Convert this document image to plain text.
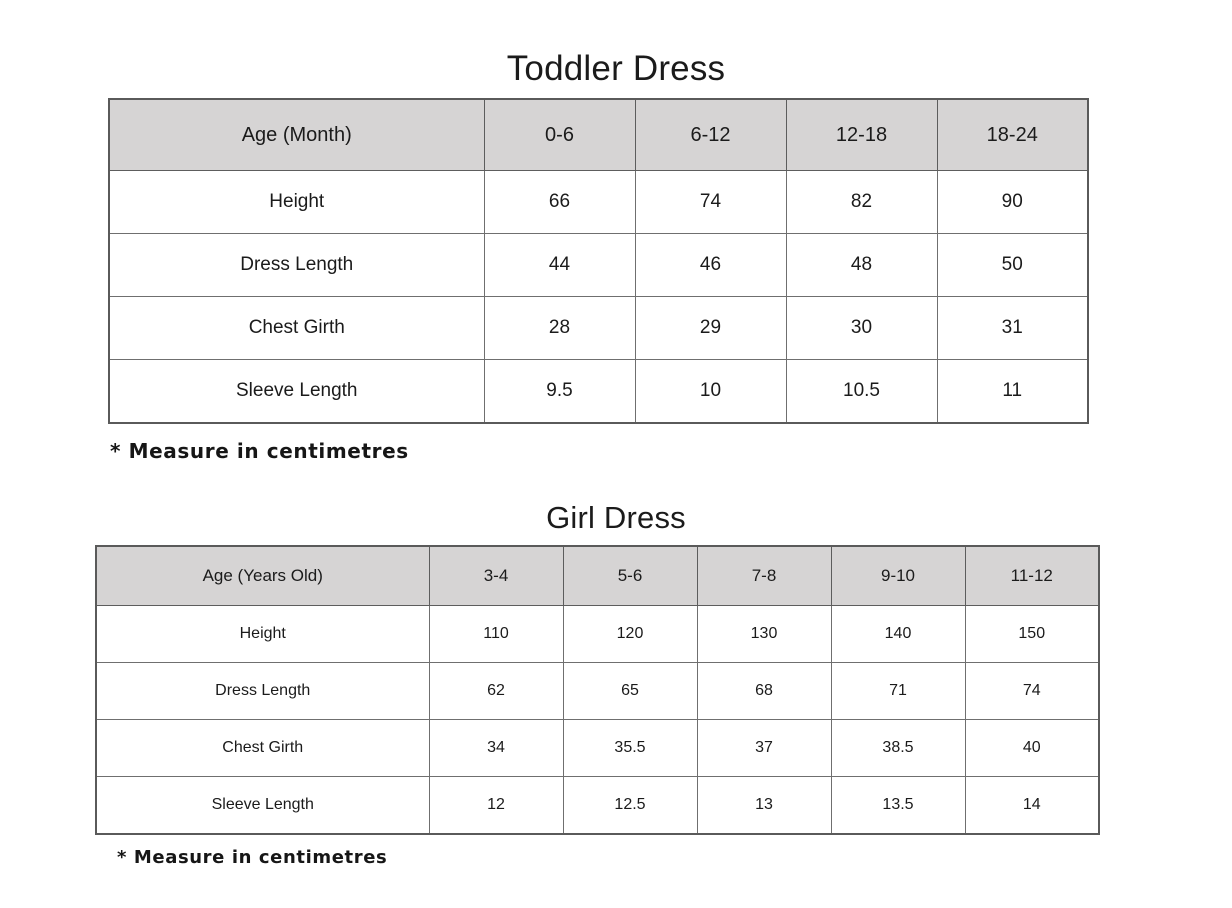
Toddler Dress
Age (Month)	0-6	6-12	12-18	18-24
Height	66	74	82	90
Dress Length	44	46	48	50
Chest Girth	28	29	30	31
Sleeve Length	9.5	10	10.5	11
* Measure in centimetres
Girl Dress
Age (Years Old)	3-4	5-6	7-8	9-10	11-12
Height	110	120	130	140	150
Dress Length	62	65	68	71	74
Chest Girth	34	35.5	37	38.5	40
Sleeve Length	12	12.5	13	13.5	14
* Measure in centimetres
